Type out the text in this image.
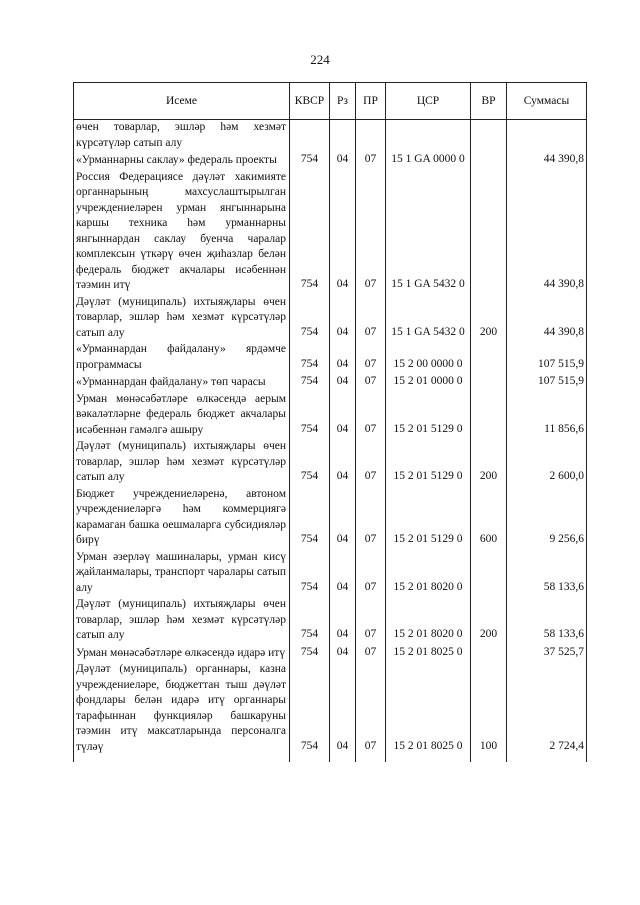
224
Исеме	КВСР	Рз	ПР	ЦСР	ВР	Суммасы
өчен товарлар, эшләр һәм хезмәт күрсәтүләр сатып алу						
«Урманнарны саклау» федераль проекты	754	04	07	15 1 GA 0000 0		44 390,8
Россия Федерациясе дәүләт хакимияте органнарының махсуслаштырылган учреждениеләрен урман янгыннарына каршы техника һәм урманнарны янгыннардан саклау буенча чаралар комплексын үткәрү өчен җиһазлар белән федераль бюджет акчалары исәбеннән тәэмин итү	754	04	07	15 1 GA 5432 0		44 390,8
Дәүләт (муниципаль) ихтыяҗлары өчен товарлар, эшләр һәм хезмәт күрсәтүләр сатып алу	754	04	07	15 1 GA 5432 0	200	44 390,8
«Урманнардан файдалану» ярдәмче программасы	754	04	07	15 2 00 0000 0		107 515,9
«Урманнардан файдалану» төп чарасы	754	04	07	15 2 01 0000 0		107 515,9
Урман мөнәсәбәтләре өлкәсендә аерым вәкаләтләрне федераль бюджет акчалары исәбеннән гамәлгә ашыру	754	04	07	15 2 01 5129 0		11 856,6
Дәүләт (муниципаль) ихтыяҗлары өчен товарлар, эшләр һәм хезмәт күрсәтүләр сатып алу	754	04	07	15 2 01 5129 0	200	2 600,0
Бюджет учреждениеләренә, автоном учреждениеләргә һәм коммерциягә карамаган башка оешмаларга субсидияләр бирү	754	04	07	15 2 01 5129 0	600	9 256,6
Урман әзерләү машиналары, урман кисү җайланмалары, транспорт чаралары сатып алу	754	04	07	15 2 01 8020 0		58 133,6
Дәүләт (муниципаль) ихтыяҗлары өчен товарлар, эшләр һәм хезмәт күрсәтүләр сатып алу	754	04	07	15 2 01 8020 0	200	58 133,6
Урман мөнәсәбәтләре өлкәсендә идарә итү	754	04	07	15 2 01 8025 0		37 525,7
Дәүләт (муниципаль) органнары, казна учреждениеләре, бюджеттан тыш дәүләт фондлары белән идарә итү органнары тарафыннан функцияләр башкаруны тәэмин итү максатларында персоналга түләү	754	04	07	15 2 01 8025 0	100	2 724,4
